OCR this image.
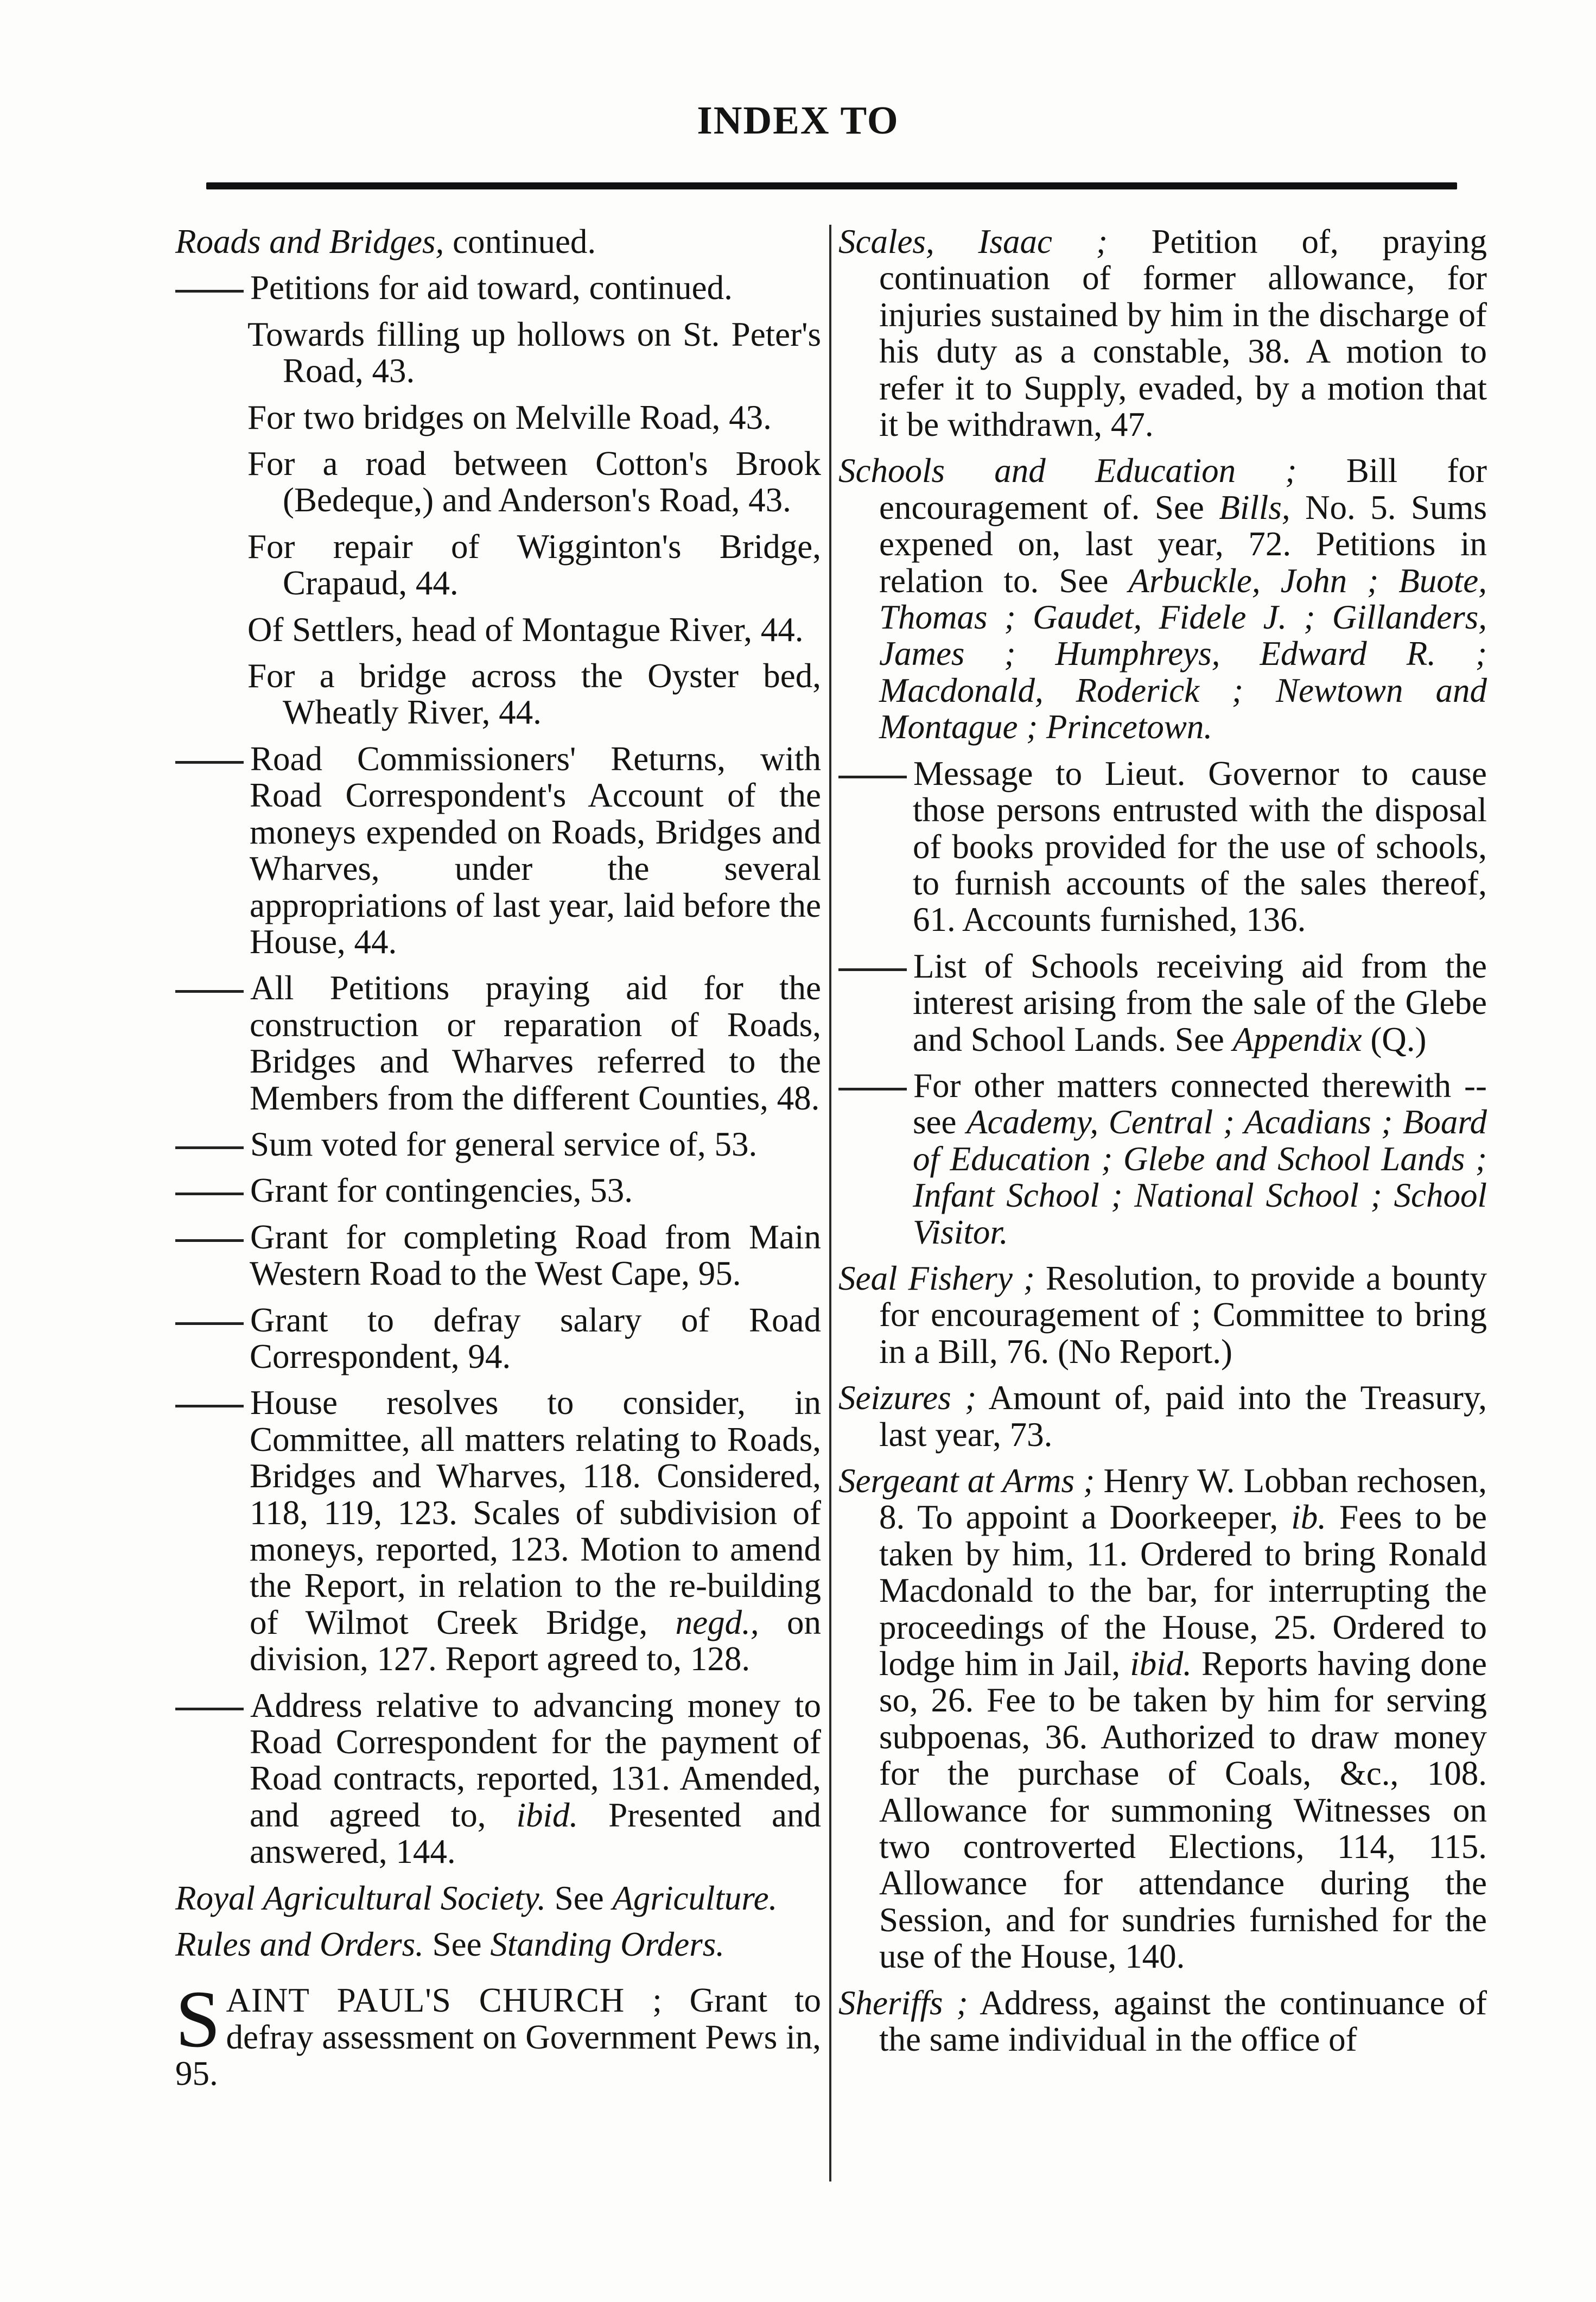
INDEX TO
Roads and Bridges, continued.
Petitions for aid toward, continued.
Towards filling up hollows on St. Peter's Road, 43.
For two bridges on Melville Road, 43.
For a road between Cotton's Brook (Bedeque,) and Anderson's Road, 43.
For repair of Wigginton's Bridge, Crapaud, 44.
Of Settlers, head of Montague River, 44.
For a bridge across the Oyster bed, Wheatly River, 44.
Road Commissioners' Returns, with Road Correspondent's Account of the moneys expended on Roads, Bridges and Wharves, under the several appropriations of last year, laid before the House, 44.
All Petitions praying aid for the construction or reparation of Roads, Bridges and Wharves referred to the Members from the different Counties, 48.
Sum voted for general service of, 53.
Grant for contingencies, 53.
Grant for completing Road from Main Western Road to the West Cape, 95.
Grant to defray salary of Road Correspondent, 94.
House resolves to consider, in Committee, all matters relating to Roads, Bridges and Wharves, 118. Considered, 118, 119, 123. Scales of subdivision of moneys, reported, 123. Motion to amend the Report, in relation to the re-building of Wilmot Creek Bridge, negd., on division, 127. Report agreed to, 128.
Address relative to advancing money to Road Correspondent for the payment of Road contracts, reported, 131. Amended, and agreed to, ibid. Presented and answered, 144.
Royal Agricultural Society. See Agriculture.
Rules and Orders. See Standing Orders.
S AINT PAUL'S CHURCH ; Grant to defray assessment on Government Pews in, 95.
Scales, Isaac ; Petition of, praying continuation of former allowance, for injuries sustained by him in the discharge of his duty as a constable, 38. A motion to refer it to Supply, evaded, by a motion that it be withdrawn, 47.
Schools and Education ; Bill for encouragement of. See Bills, No. 5. Sums expened on, last year, 72. Petitions in relation to. See Arbuckle, John ; Buote, Thomas ; Gaudet, Fidele J. ; Gillanders, James ; Humphreys, Edward R. ; Macdonald, Roderick ; Newtown and Montague ; Princetown.
Message to Lieut. Governor to cause those persons entrusted with the disposal of books provided for the use of schools, to furnish accounts of the sales thereof, 61. Accounts furnished, 136.
List of Schools receiving aid from the interest arising from the sale of the Glebe and School Lands. See Appendix (Q.)
For other matters connected therewith --see Academy, Central ; Acadians ; Board of Education ; Glebe and School Lands ; Infant School ; National School ; School Visitor.
Seal Fishery ; Resolution, to provide a bounty for encouragement of ; Committee to bring in a Bill, 76. (No Report.)
Seizures ; Amount of, paid into the Treasury, last year, 73.
Sergeant at Arms ; Henry W. Lobban rechosen, 8. To appoint a Doorkeeper, ib. Fees to be taken by him, 11. Ordered to bring Ronald Macdonald to the bar, for interrupting the proceedings of the House, 25. Ordered to lodge him in Jail, ibid. Reports having done so, 26. Fee to be taken by him for serving subpoenas, 36. Authorized to draw money for the purchase of Coals, &c., 108. Allowance for summoning Witnesses on two controverted Elections, 114, 115. Allowance for attendance during the Session, and for sundries furnished for the use of the House, 140.
Sheriffs ; Address, against the continuance of the same individual in the office of
